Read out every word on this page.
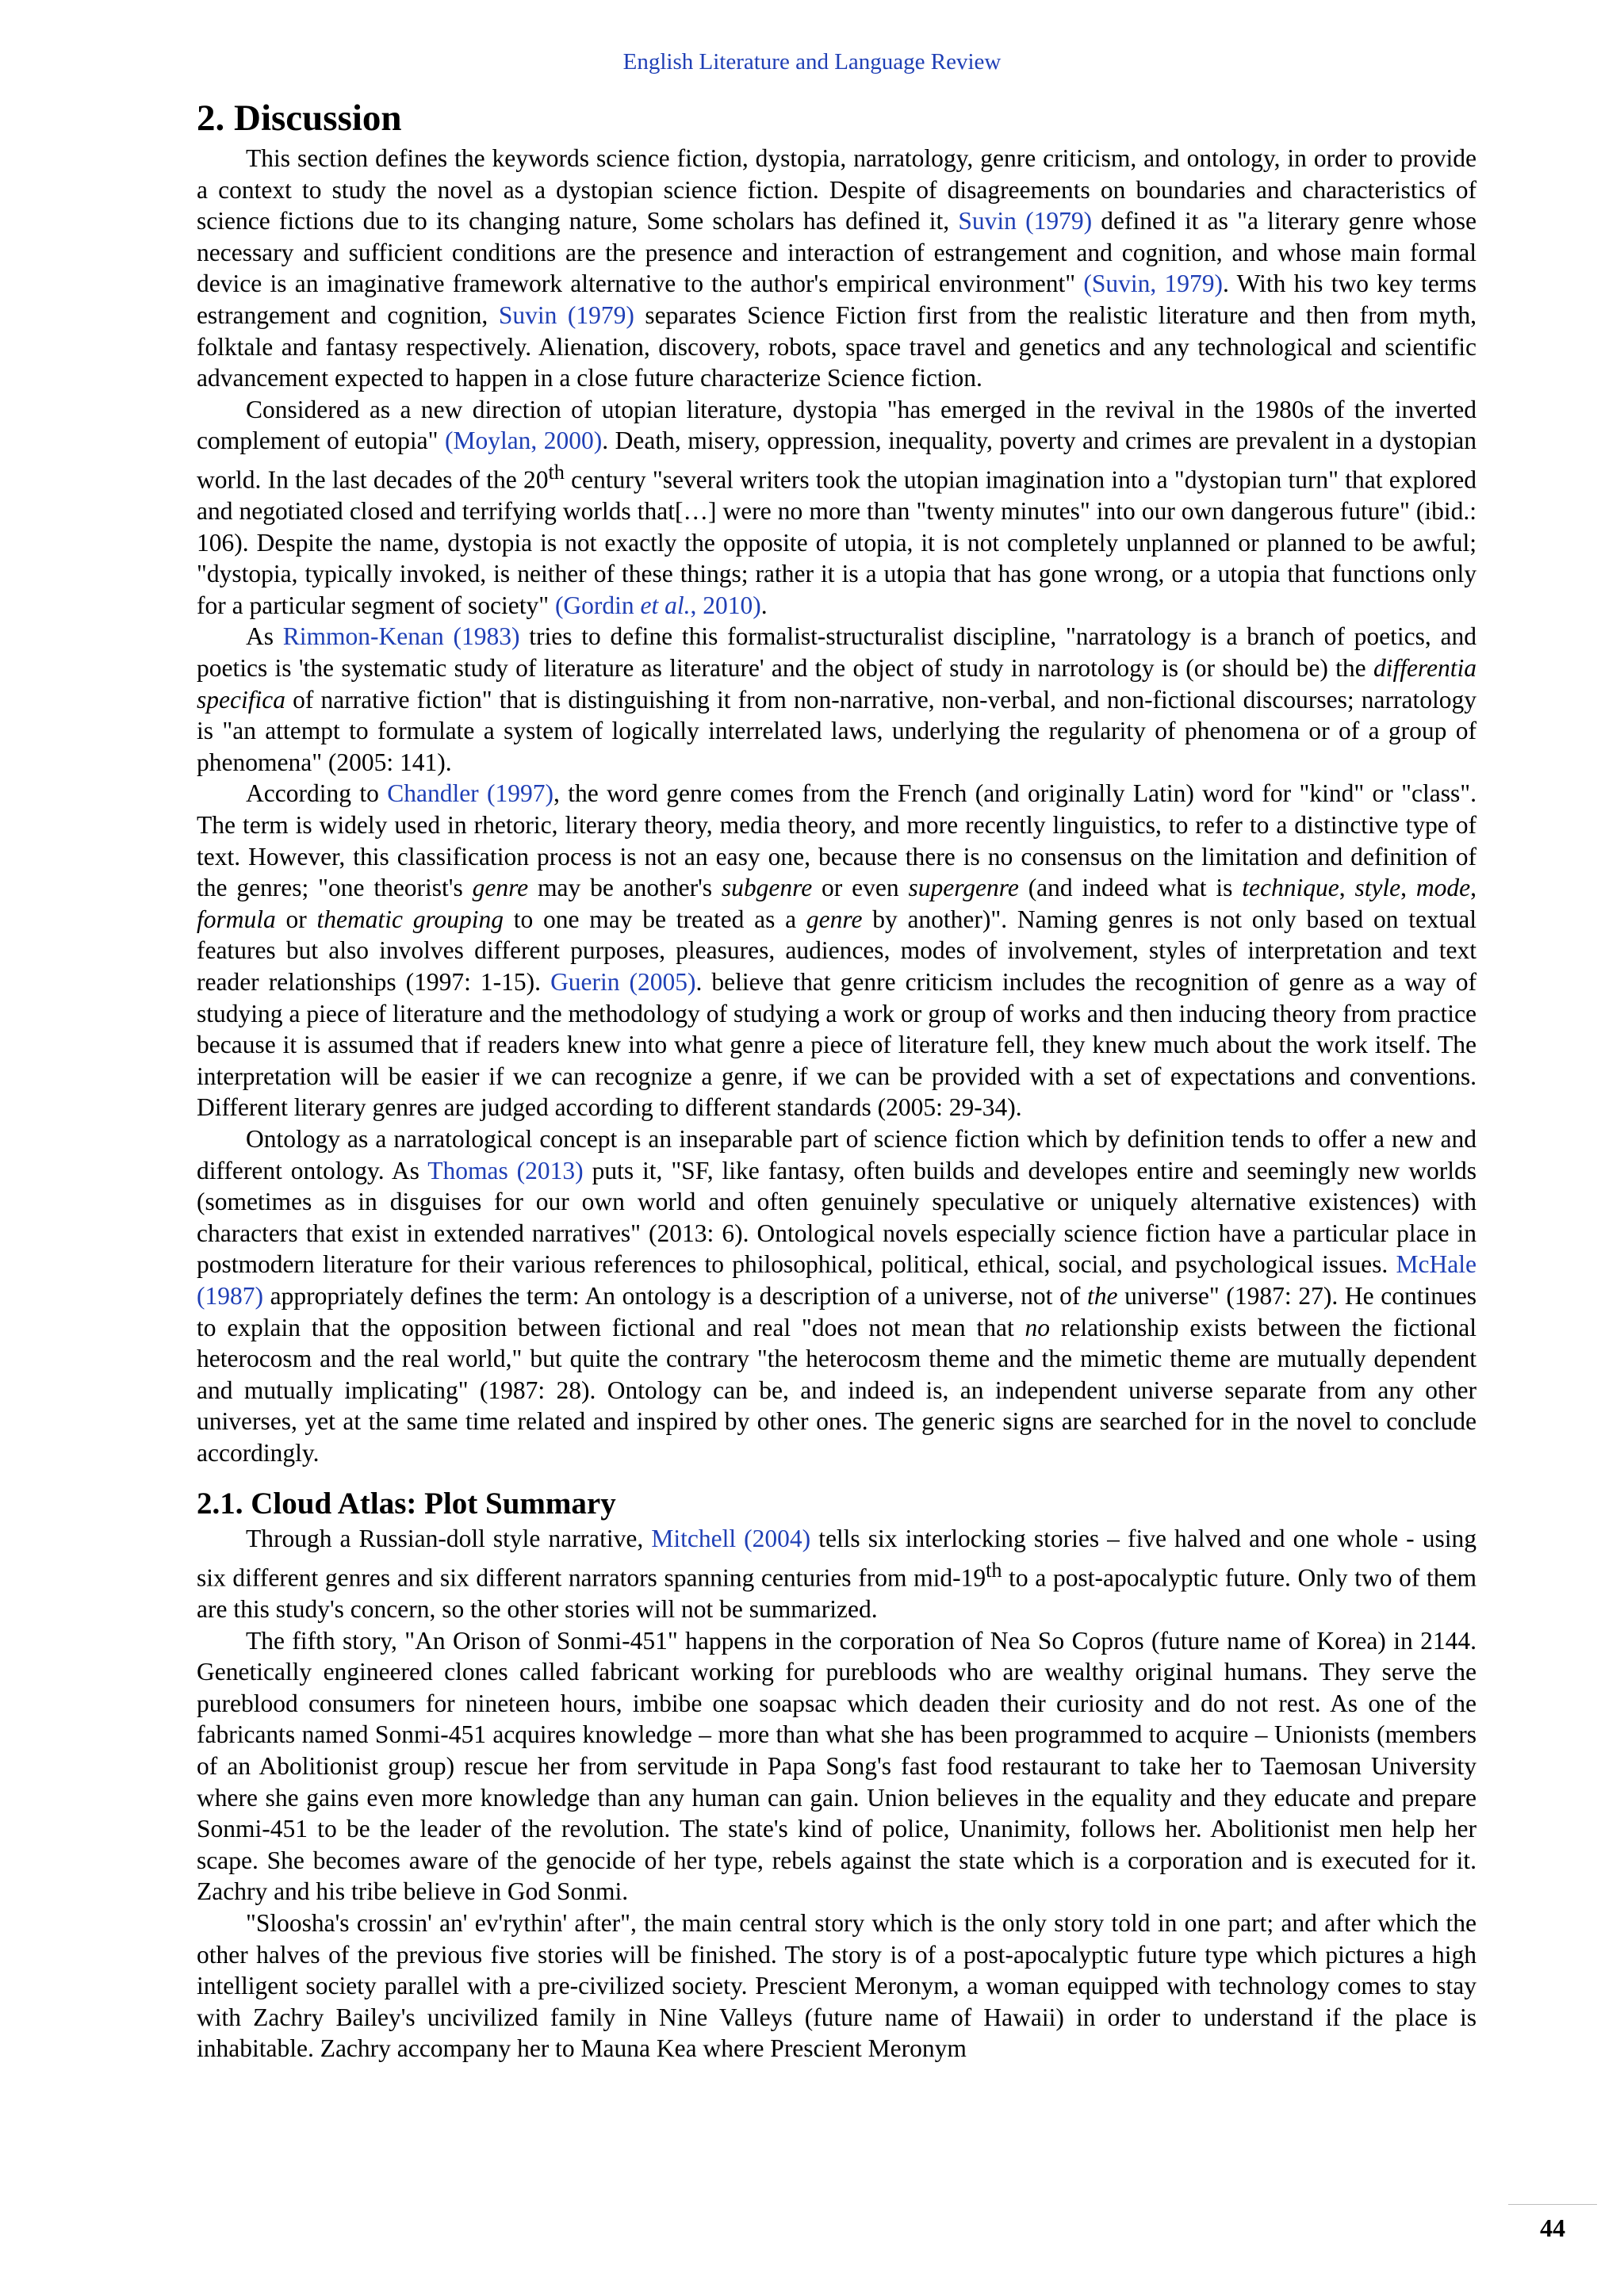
English Literature and Language Review
2. Discussion

This section defines the keywords science fiction, dystopia, narratology, genre criticism, and ontology, in order to provide a context to study the novel as a dystopian science fiction. Despite of disagreements on boundaries and characteristics of science fictions due to its changing nature, Some scholars has defined it, Suvin (1979) defined it as "a literary genre whose necessary and sufficient conditions are the presence and interaction of estrangement and cognition, and whose main formal device is an imaginative framework alternative to the author's empirical environment" (Suvin, 1979). With his two key terms estrangement and cognition, Suvin (1979) separates Science Fiction first from the realistic literature and then from myth, folktale and fantasy respectively. Alienation, discovery, robots, space travel and genetics and any technological and scientific advancement expected to happen in a close future characterize Science fiction.

Considered as a new direction of utopian literature, dystopia "has emerged in the revival in the 1980s of the inverted complement of eutopia" (Moylan, 2000). Death, misery, oppression, inequality, poverty and crimes are prevalent in a dystopian world. In the last decades of the 20th century "several writers took the utopian imagination into a "dystopian turn" that explored and negotiated closed and terrifying worlds that[…] were no more than "twenty minutes" into our own dangerous future" (ibid.: 106). Despite the name, dystopia is not exactly the opposite of utopia, it is not completely unplanned or planned to be awful; "dystopia, typically invoked, is neither of these things; rather it is a utopia that has gone wrong, or a utopia that functions only for a particular segment of society" (Gordin et al., 2010).

As Rimmon-Kenan (1983) tries to define this formalist-structuralist discipline, "narratology is a branch of poetics, and poetics is 'the systematic study of literature as literature' and the object of study in narrotology is (or should be) the differentia specifica of narrative fiction" that is distinguishing it from non-narrative, non-verbal, and non-fictional discourses; narratology is "an attempt to formulate a system of logically interrelated laws, underlying the regularity of phenomena or of a group of phenomena" (2005: 141).

According to Chandler (1997), the word genre comes from the French (and originally Latin) word for "kind" or "class". The term is widely used in rhetoric, literary theory, media theory, and more recently linguistics, to refer to a distinctive type of text. However, this classification process is not an easy one, because there is no consensus on the limitation and definition of the genres; "one theorist's genre may be another's subgenre or even supergenre (and indeed what is technique, style, mode, formula or thematic grouping to one may be treated as a genre by another)". Naming genres is not only based on textual features but also involves different purposes, pleasures, audiences, modes of involvement, styles of interpretation and text reader relationships (1997: 1-15). Guerin (2005). believe that genre criticism includes the recognition of genre as a way of studying a piece of literature and the methodology of studying a work or group of works and then inducing theory from practice because it is assumed that if readers knew into what genre a piece of literature fell, they knew much about the work itself. The interpretation will be easier if we can recognize a genre, if we can be provided with a set of expectations and conventions. Different literary genres are judged according to different standards (2005: 29-34).

Ontology as a narratological concept is an inseparable part of science fiction which by definition tends to offer a new and different ontology. As Thomas (2013) puts it, "SF, like fantasy, often builds and developes entire and seemingly new worlds (sometimes as in disguises for our own world and often genuinely speculative or uniquely alternative existences) with characters that exist in extended narratives" (2013: 6). Ontological novels especially science fiction have a particular place in postmodern literature for their various references to philosophical, political, ethical, social, and psychological issues. McHale (1987) appropriately defines the term: An ontology is a description of a universe, not of the universe" (1987: 27). He continues to explain that the opposition between fictional and real "does not mean that no relationship exists between the fictional heterocosm and the real world," but quite the contrary "the heterocosm theme and the mimetic theme are mutually dependent and mutually implicating" (1987: 28). Ontology can be, and indeed is, an independent universe separate from any other universes, yet at the same time related and inspired by other ones. The generic signs are searched for in the novel to conclude accordingly.

2.1. Cloud Atlas: Plot Summary

Through a Russian-doll style narrative, Mitchell (2004) tells six interlocking stories – five halved and one whole - using six different genres and six different narrators spanning centuries from mid-19th to a post-apocalyptic future. Only two of them are this study's concern, so the other stories will not be summarized.

The fifth story, "An Orison of Sonmi-451" happens in the corporation of Nea So Copros (future name of Korea) in 2144. Genetically engineered clones called fabricant working for purebloods who are wealthy original humans. They serve the pureblood consumers for nineteen hours, imbibe one soapsac which deaden their curiosity and do not rest. As one of the fabricants named Sonmi-451 acquires knowledge – more than what she has been programmed to acquire – Unionists (members of an Abolitionist group) rescue her from servitude in Papa Song's fast food restaurant to take her to Taemosan University where she gains even more knowledge than any human can gain. Union believes in the equality and they educate and prepare Sonmi-451 to be the leader of the revolution. The state's kind of police, Unanimity, follows her. Abolitionist men help her scape. She becomes aware of the genocide of her type, rebels against the state which is a corporation and is executed for it. Zachry and his tribe believe in God Sonmi.

"Sloosha's crossin' an' ev'rythin' after", the main central story which is the only story told in one part; and after which the other halves of the previous five stories will be finished. The story is of a post-apocalyptic future type which pictures a high intelligent society parallel with a pre-civilized society. Prescient Meronym, a woman equipped with technology comes to stay with Zachry Bailey's uncivilized family in Nine Valleys (future name of Hawaii) in order to understand if the place is inhabitable. Zachry accompany her to Mauna Kea where Prescient Meronym

44
